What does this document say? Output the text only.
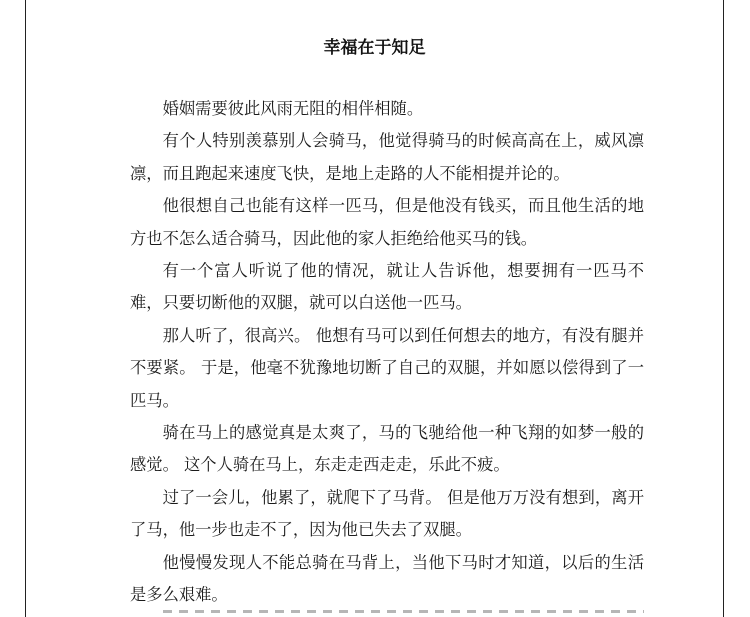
幸福在于知足

婚姻需要彼此风雨无阻的相伴相随。

有个人特别羡慕别人会骑马，他觉得骑马的时候高高在上，威风凛凛，而且跑起来速度飞快，是地上走路的人不能相提并论的。

他很想自己也能有这样一匹马，但是他没有钱买，而且他生活的地方也不怎么适合骑马，因此他的家人拒绝给他买马的钱。

有一个富人听说了他的情况，就让人告诉他，想要拥有一匹马不难，只要切断他的双腿，就可以白送他一匹马。

那人听了，很高兴。 他想有马可以到任何想去的地方，有没有腿并不要紧。 于是，他毫不犹豫地切断了自己的双腿，并如愿以偿得到了一匹马。

骑在马上的感觉真是太爽了，马的飞驰给他一种飞翔的如梦一般的感觉。 这个人骑在马上，东走走西走走，乐此不疲。

过了一会儿，他累了，就爬下了马背。 但是他万万没有想到，离开了马，他一步也走不了，因为他已失去了双腿。

他慢慢发现人不能总骑在马背上，当他下马时才知道，以后的生活是多么艰难。
